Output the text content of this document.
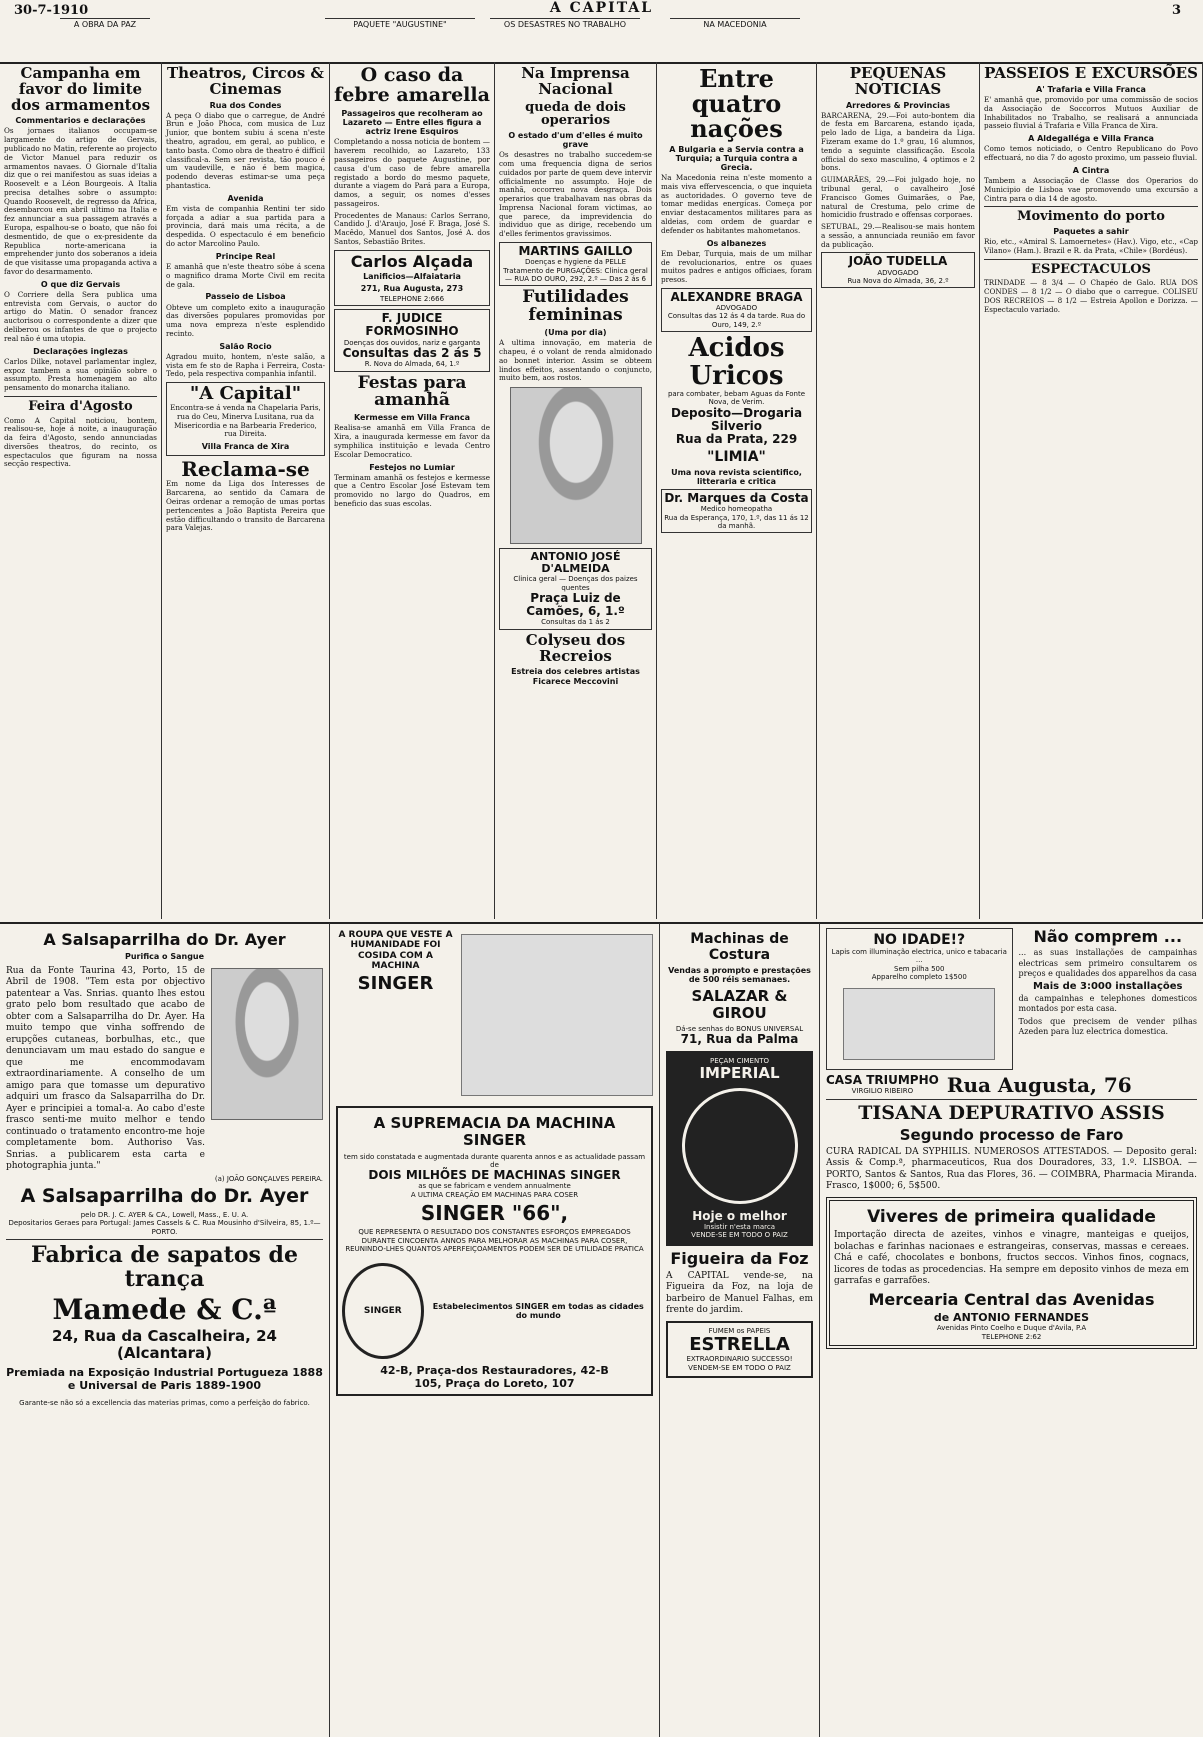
30-7-1910	A CAPITAL	3
A OBRA DA PAZ	PAQUETE "AUGUSTINE"	OS DESASTRES NO TRABALHO	NA MACEDONIA
Campanha em favor do limite dos armamentos
Commentarios e declarações

Os jornaes italianos occupam-se largamente do artigo de Gervais, publicado no Matin, referente ao projecto de Victor Manuel para reduzir os armamentos navaes. O Giornale d'Italia diz que o rei manifestou as suas ideias a Roosevelt e a Léon Bourgeois. A Italia precisa detalhes sobre o assumpto: Quando Roosevelt, de regresso da Africa, desembarcou em abril ultimo na Italia e fez annunciar a sua passagem através a Europa, espalhou-se o boato, que não foi desmentido, de que o ex-presidente da Republica norte-americana ia emprehender junto dos soberanos a ideia de que visitasse uma propaganda activa a favor do desarmamento.

O que diz Gervais

O Corriere della Sera publica uma entrevista com Gervais, o auctor do artigo do Matin. O senador francez auctorisou o correspondente a dizer que deliberou os infantes de que o projecto real não é uma utopia.

Declarações inglezas

Carlos Dilke, notavel parlamentar inglez, expoz tambem a sua opinião sobre o assumpto. Presta homenagem ao alto pensamento do monarcha italiano.

Feira d'Agosto

Como A Capital noticiou, bontem, realisou-se, hoje á noite, a inauguração da feira d'Agosto, sendo annunciadas diversões theatros, do recinto, os espectaculos que figuram na nossa secção respectiva.

Theatros, Circos & Cinemas
Rua dos Condes

A peça O diabo que o carregue, de André Brun e João Phoca, com musica de Luz Junior, que bontem subiu á scena n'este theatro, agradou, em geral, ao publico, e tanto basta. Como obra de theatro é difficil classifical-a. Sem ser revista, tão pouco é um vaudeville, e não é bem magica, podendo deveras estimar-se uma peça phantastica.

Avenida

Em vista de companhia Rentini ter sido forçada a adiar a sua partida para a provincia, dará mais uma récita, a de despedida. O espectaculo é em beneficio do actor Marcolino Paulo.

Principe Real

E amanhã que n'este theatro sóbe á scena o magnifico drama Morte Civil em recita de gala.

Passeio de Lisboa

Obteve um completo exito a inauguração das diversões populares promovidas por uma nova empreza n'este esplendido recinto.

Salão Rocio

Agradou muito, hontem, n'este salão, a vista em fe sto de Rapha i Ferreira, Costa-Tedo, pela respectiva companhia infantil.

"A Capital"

Encontra-se á venda na Chapelaria Paris, rua do Ceu, Minerva Lusitana, rua da Misericordia e na Barbearia Frederico, rua Direita.

Villa Franca de Xira
Reclama-se

Em nome da Liga dos Interesses de Barcarena, ao sentido da Camara de Oeiras ordenar a remoção de umas portas pertencentes a João Baptista Pereira que estão difficultando o transito de Barcarena para Valejas.

O caso da febre amarella
Passageiros que recolheram ao Lazareto — Entre elles figura a actriz Irene Esquiros

Completando a nossa noticia de bontem — haverem recolhido, ao Lazareto, 133 passageiros do paquete Augustine, por causa d'um caso de febre amarella registado a bordo do mesmo paquete, durante a viagem do Pará para a Europa, damos, a seguir, os nomes d'esses passageiros.

Procedentes de Manaus: Carlos Serrano, Candido J. d'Araujo, José F. Braga, José S. Macêdo, Manuel dos Santos, José A. dos Santos, Sebastião Brites.

Carlos Alçada
Lanificios—Alfaiataria
271, Rua Augusta, 273
TELEPHONE 2:666
F. JUDICE FORMOSINHO
Doenças dos ouvidos, nariz e garganta
Consultas das 2 ás 5
R. Nova do Almada, 64, 1.º
Festas para amanhã
Kermesse em Villa Franca

Realisa-se amanhã em Villa Franca de Xira, a inaugurada kermesse em favor da symphilica instituição e levada Centro Escolar Democratico.

Festejos no Lumiar

Terminam amanhã os festejos e kermesse que a Centro Escolar José Estevam tem promovido no largo do Quadros, em beneficio das suas escolas.

Na Imprensa Nacional
queda de dois operarios
O estado d'um d'elles é muito grave

Os desastres no trabalho succedem-se com uma frequencia digna de serios cuidados por parte de quem deve intervir officialmente no assumpto. Hoje de manhã, occorreu nova desgraça. Dois operarios que trabalhavam nas obras da Imprensa Nacional foram victimas, ao que parece, da imprevidencia do individuo que as dirige, recebendo um d'elles ferimentos gravissimos.

MARTINS GAILLO
Doenças e hygiene da PELLE
Tratamento de PURGAÇÕES: Clinica geral — RUA DO OURO, 292, 2.º — Das 2 ás 6
Futilidades femininas
(Uma por dia)

A ultima innovação, em materia de chapeu, é o volant de renda almidonado ao bonnet interior. Assim se obteem lindos effeitos, assentando o conjuncto, muito bem, aos rostos.

ANTONIO JOSÉ D'ALMEIDA
Clinica geral — Doenças dos paizes quentes
Praça Luiz de Camões, 6, 1.º
Consultas da 1 ás 2
Colyseu dos Recreios
Estreia dos celebres artistas Ficarece Meccovini
Entre quatro nações
A Bulgaria e a Servia contra a Turquia; a Turquia contra a Grecia.

Na Macedonia reina n'este momento a mais viva effervescencia, o que inquieta as auctoridades. O governo teve de tomar medidas energicas. Começa por enviar destacamentos militares para as aldeias, com ordem de guardar e defender os habitantes mahometanos.

Os albanezes

Em Debar, Turquia, mais de um milhar de revolucionarios, entre os quaes muitos padres e antigos officiaes, foram presos.

ALEXANDRE BRAGA
ADVOGADO
Consultas das 12 ás 4 da tarde. Rua do Ouro, 149, 2.º
Acidos Uricos
para combater, bebam Aguas da Fonte Nova, de Verim.
Deposito—Drogaria Silverio
Rua da Prata, 229
"LIMIA"
Uma nova revista scientifico, litteraria e critica
Dr. Marques da Costa
Medico homeopatha
Rua da Esperança, 170, 1.º, das 11 ás 12 da manhã.
PEQUENAS NOTICIAS
Arredores & Provincias

BARCARENA, 29.—Foi auto-bontem dia de festa em Barcarena, estando içada, pelo lado de Liga, a bandeira da Liga. Fizeram exame do 1.º grau, 16 alumnos, tendo a seguinte classificação. Escola official do sexo masculino, 4 optimos e 2 bons.

GUIMARÃES, 29.—Foi julgado hoje, no tribunal geral, o cavalheiro José Francisco Gomes Guimarães, o Pae, natural de Crestuma, pelo crime de homicidio frustrado e offensas corporaes.

SETUBAL, 29.—Realisou-se mais hontem a sessão, a annunciada reunião em favor da publicação.

JOÃO TUDELLA
ADVOGADO
Rua Nova do Almada, 36, 2.º
PASSEIOS E EXCURSÕES
A' Trafaria e Villa Franca

E' amanhã que, promovido por uma commissão de socios da Associação de Soccorros Mutuos Auxiliar de Inhabilitados no Trabalho, se realisará a annunciada passeio fluvial á Trafaria e Villa Franca de Xira.

A Aldegalléga e Villa Franca

Como temos noticiado, o Centro Republicano do Povo effectuará, no dia 7 do agosto proximo, um passeio fluvial.

A Cintra

Tambem a Associação de Classe dos Operarios do Municipio de Lisboa vae promovendo uma excursão a Cintra para o dia 14 de agosto.

Movimento do porto
Paquetes a sahir

Rio, etc., «Amiral S. Lamoernetes» (Hav.). Vigo, etc., «Cap Vilano» (Ham.). Brazil e R. da Prata, «Chile» (Bordéus).

ESPECTACULOS

TRINDADE — 8 3/4 — O Chapéo de Galo. RUA DOS CONDES — 8 1/2 — O diabo que o carregue. COLISEU DOS RECREIOS — 8 1/2 — Estreia Apollon e Dorizza. — Espectaculo variado.

A Salsaparrilha do Dr. Ayer
Purifica o Sangue

Rua da Fonte Taurina 43, Porto, 15 de Abril de 1908. "Tem esta por objectivo patentear a Vas. Snrias. quanto lhes estou grato pelo bom resultado que acabo de obter com a Salsaparrilha do Dr. Ayer. Ha muito tempo que vinha soffrendo de erupções cutaneas, borbulhas, etc., que denunciavam um mau estado do sangue e que me encommodavam extraordinariamente. A conselho de um amigo para que tomasse um depurativo adquiri um frasco da Salsaparrilha do Dr. Ayer e principiei a tomal-a. Ao cabo d'este frasco senti-me muito melhor e tendo continuado o tratamento encontro-me hoje completamente bom. Authoriso Vas. Snrias. a publicarem esta carta e photographia junta."

(a) JOÃO GONÇALVES PEREIRA.
A Salsaparrilha do Dr. Ayer
pelo DR. J. C. AYER & CA., Lowell, Mass., E. U. A.
Depositarios Geraes para Portugal: James Cassels & C. Rua Mousinho d'Silveira, 85, 1.º—PORTO.
Fabrica de sapatos de trança
Mamede & C.ª
24, Rua da Cascalheira, 24 (Alcantara)
Premiada na Exposição Industrial Portugueza 1888 e Universal de Paris 1889-1900
Garante-se não só a excellencia das materias primas, como a perfeição do fabrico.
A ROUPA QUE VESTE A HUMANIDADE FOI COSIDA COM A MACHINA
SINGER
A SUPREMACIA DA MACHINA SINGER
tem sido constatada e augmentada durante quarenta annos e as actualidade passam de
DOIS MILHÕES DE MACHINAS SINGER
as que se fabricam e vendem annualmente
A ULTIMA CREAÇÃO EM MACHINAS PARA COSER
SINGER "66",
QUE REPRESENTA O RESULTADO DOS CONSTANTES ESFORÇOS EMPREGADOS DURANTE CINCOENTA ANNOS PARA MELHORAR AS MACHINAS PARA COSER, REUNINDO-LHES QUANTOS APERFEIÇOAMENTOS PODEM SER DE UTILIDADE PRATICA
SINGER	Estabelecimentos SINGER em todas as cidades do mundo
42-B, Praça-dos Restauradores, 42-B
105, Praça do Loreto, 107
Machinas de Costura
Vendas a prompto e prestações de 500 réis semanaes.
SALAZAR & GIROU
Dá-se senhas do BONUS UNIVERSAL
71, Rua da Palma
PEÇAM CIMENTO
IMPERIAL
Hoje o melhor
Insistir n'esta marca
VENDE-SE EM TODO O PAIZ
Figueira da Foz

A CAPITAL vende-se, na Figueira da Foz, na loja de barbeiro de Manuel Falhas, em frente do jardim.

FUMEM os PAPEIS
ESTRELLA
EXTRAORDINARIO SUCCESSO!
VENDEM-SE EM TODO O PAIZ
NO IDADE!?
Lapis com illuminação electrica, unico e tabacaria ...
Sem pilha 500
Apparelho completo 1$500
Não comprem ...

... as suas installações de campainhas electricas sem primeiro consultarem os preços e qualidades dos apparelhos da casa

Mais de 3:000 installações

da campainhas e telephones domesticos montados por esta casa.

Todos que precisem de vender pilhas Azeden para luz electrica domestica.

CASA TRIUMPHO
VIRGILIO RIBEIRO	Rua Augusta, 76
TISANA DEPURATIVO ASSIS
Segundo processo de Faro

CURA RADICAL DA SYPHILIS. NUMEROSOS ATTESTADOS. — Deposito geral: Assis & Comp.ª, pharmaceuticos, Rua dos Douradores, 33, 1.º. LISBOA. — PORTO, Santos & Santos, Rua das Flores, 36. — COIMBRA, Pharmacia Miranda. Frasco, 1$000; 6, 5$500.

Viveres de primeira qualidade

Importação directa de azeites, vinhos e vinagre, manteigas e queijos, bolachas e farinhas nacionaes e estrangeiras, conservas, massas e cereaes. Chá e café, chocolates e bonbons, fructos seccos. Vinhos finos, cognacs, licores de todas as procedencias. Ha sempre em deposito vinhos de meza em garrafas e garrafões.

Mercearia Central das Avenidas
de ANTONIO FERNANDES
Avenidas Pinto Coelho e Duque d'Avila, P.A
TELEPHONE 2:62
